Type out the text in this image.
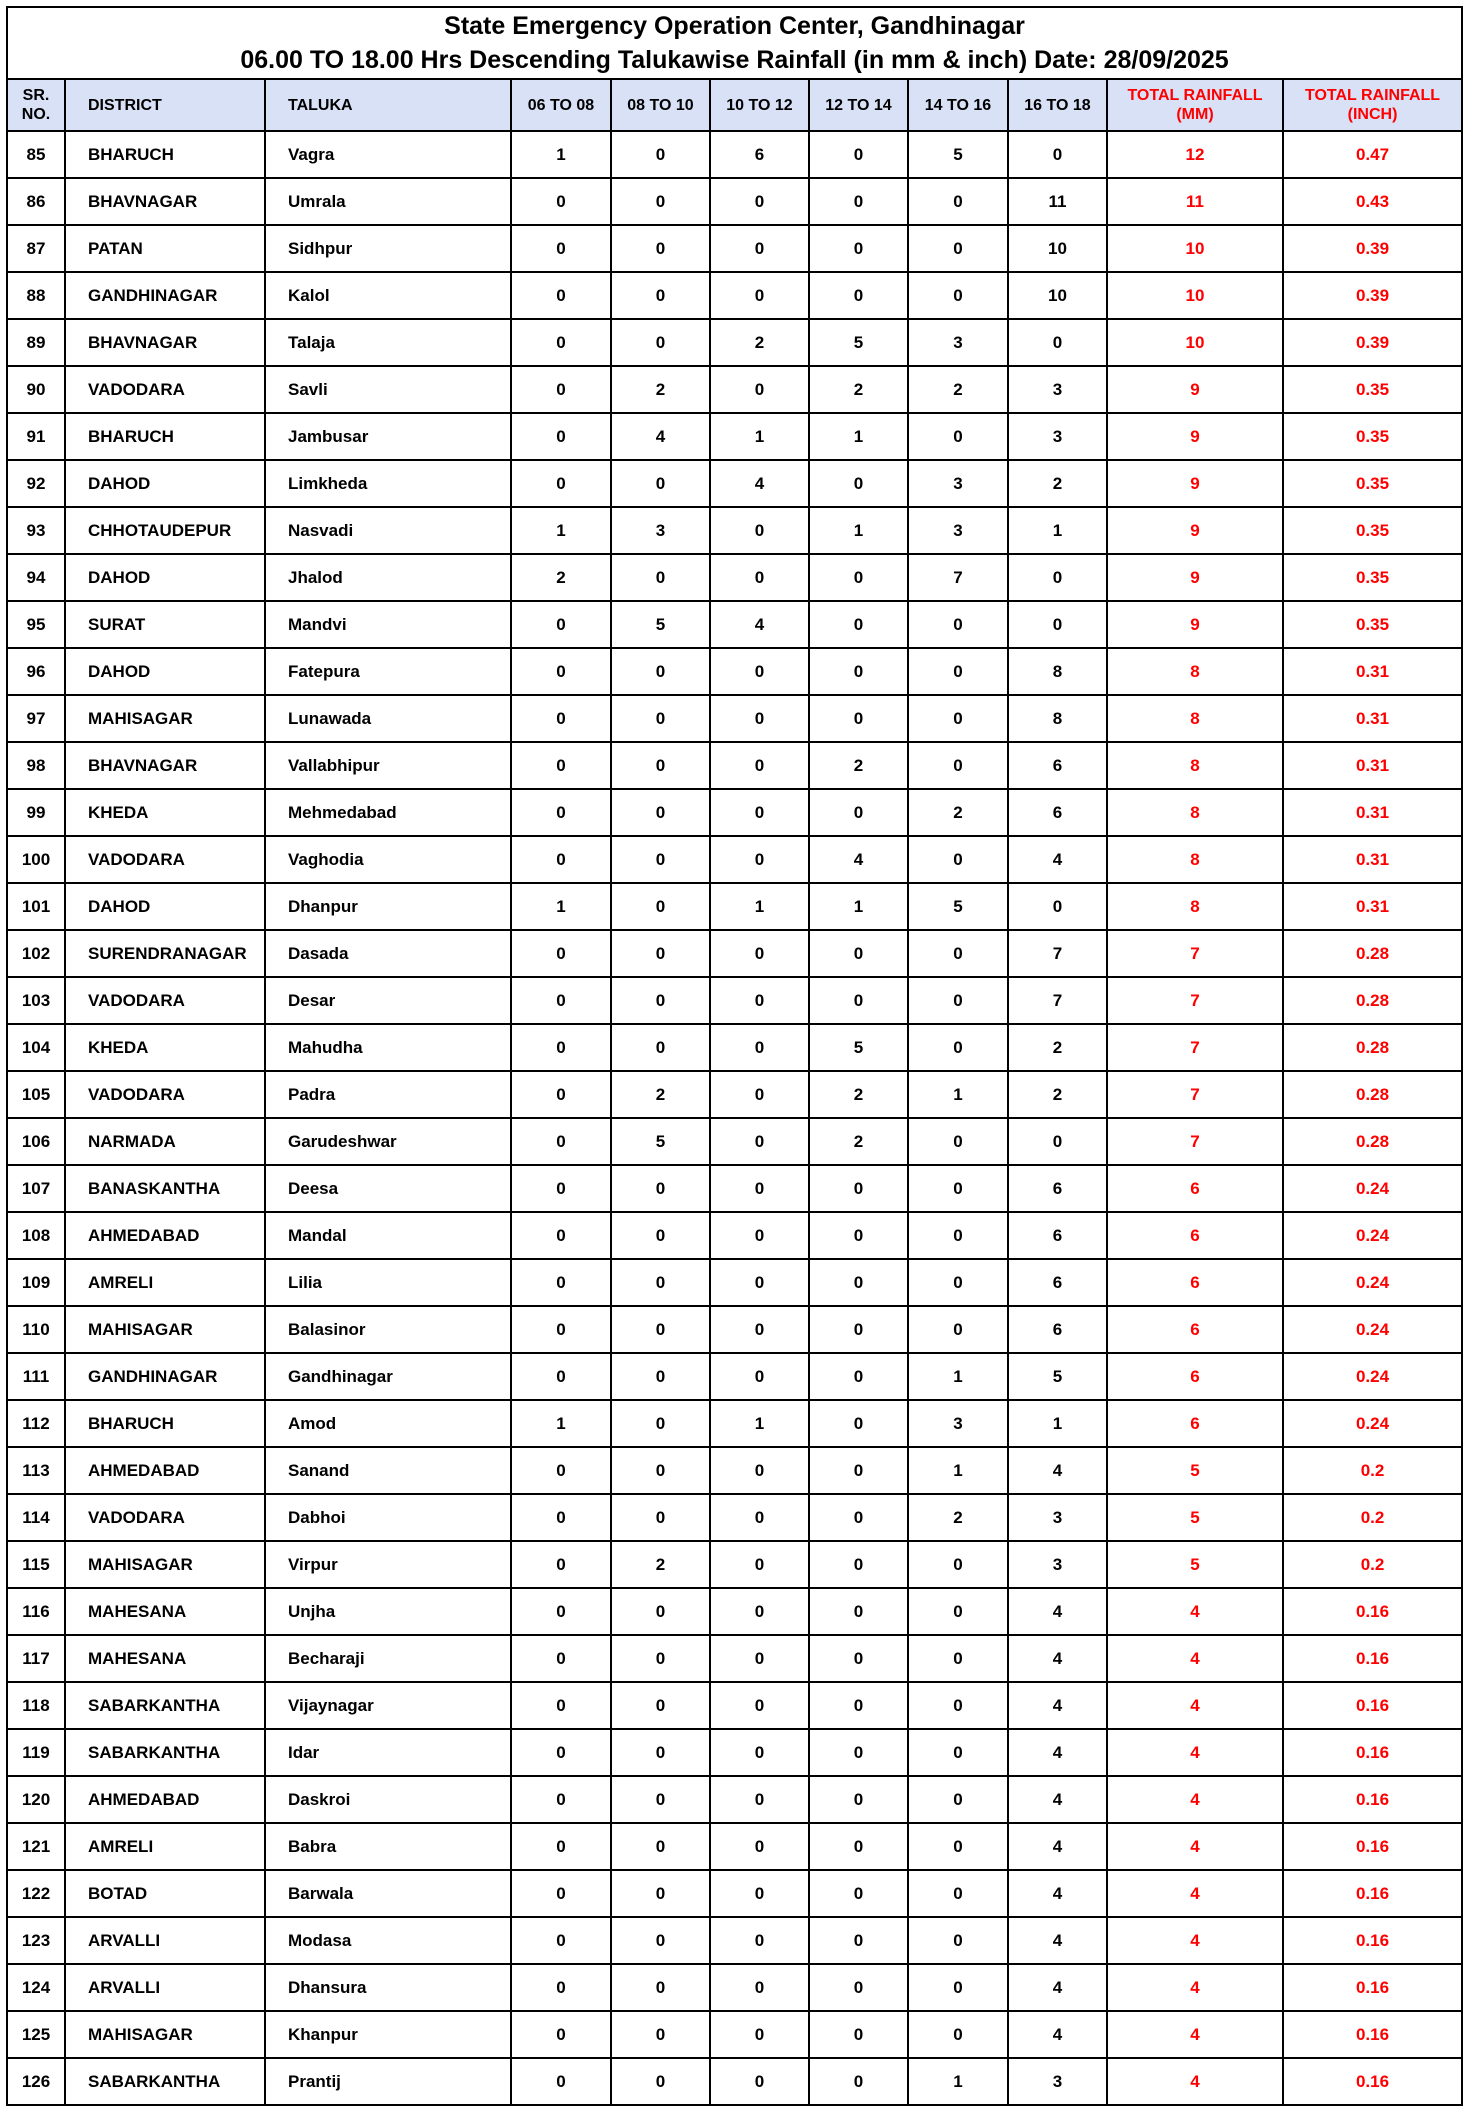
State Emergency Operation Center, Gandhinagar
06.00 TO 18.00 Hrs Descending Talukawise Rainfall (in mm & inch) Date: 28/09/2025										

SR. NO.	DISTRICT	TALUKA	06 TO 08	08 TO 10	10 TO 12	12 TO 14	14 TO 16	16 TO 18	TOTAL RAINFALL (MM)	TOTAL RAINFALL (INCH)
85	BHARUCH	Vagra	1	0	6	0	5	0	12	0.47
86	BHAVNAGAR	Umrala	0	0	0	0	0	11	11	0.43
87	PATAN	Sidhpur	0	0	0	0	0	10	10	0.39
88	GANDHINAGAR	Kalol	0	0	0	0	0	10	10	0.39
89	BHAVNAGAR	Talaja	0	0	2	5	3	0	10	0.39
90	VADODARA	Savli	0	2	0	2	2	3	9	0.35
91	BHARUCH	Jambusar	0	4	1	1	0	3	9	0.35
92	DAHOD	Limkheda	0	0	4	0	3	2	9	0.35
93	CHHOTAUDEPUR	Nasvadi	1	3	0	1	3	1	9	0.35
94	DAHOD	Jhalod	2	0	0	0	7	0	9	0.35
95	SURAT	Mandvi	0	5	4	0	0	0	9	0.35
96	DAHOD	Fatepura	0	0	0	0	0	8	8	0.31
97	MAHISAGAR	Lunawada	0	0	0	0	0	8	8	0.31
98	BHAVNAGAR	Vallabhipur	0	0	0	2	0	6	8	0.31
99	KHEDA	Mehmedabad	0	0	0	0	2	6	8	0.31
100	VADODARA	Vaghodia	0	0	0	4	0	4	8	0.31
101	DAHOD	Dhanpur	1	0	1	1	5	0	8	0.31
102	SURENDRANAGAR	Dasada	0	0	0	0	0	7	7	0.28
103	VADODARA	Desar	0	0	0	0	0	7	7	0.28
104	KHEDA	Mahudha	0	0	0	5	0	2	7	0.28
105	VADODARA	Padra	0	2	0	2	1	2	7	0.28
106	NARMADA	Garudeshwar	0	5	0	2	0	0	7	0.28
107	BANASKANTHA	Deesa	0	0	0	0	0	6	6	0.24
108	AHMEDABAD	Mandal	0	0	0	0	0	6	6	0.24
109	AMRELI	Lilia	0	0	0	0	0	6	6	0.24
110	MAHISAGAR	Balasinor	0	0	0	0	0	6	6	0.24
111	GANDHINAGAR	Gandhinagar	0	0	0	0	1	5	6	0.24
112	BHARUCH	Amod	1	0	1	0	3	1	6	0.24
113	AHMEDABAD	Sanand	0	0	0	0	1	4	5	0.2
114	VADODARA	Dabhoi	0	0	0	0	2	3	5	0.2
115	MAHISAGAR	Virpur	0	2	0	0	0	3	5	0.2
116	MAHESANA	Unjha	0	0	0	0	0	4	4	0.16
117	MAHESANA	Becharaji	0	0	0	0	0	4	4	0.16
118	SABARKANTHA	Vijaynagar	0	0	0	0	0	4	4	0.16
119	SABARKANTHA	Idar	0	0	0	0	0	4	4	0.16
120	AHMEDABAD	Daskroi	0	0	0	0	0	4	4	0.16
121	AMRELI	Babra	0	0	0	0	0	4	4	0.16
122	BOTAD	Barwala	0	0	0	0	0	4	4	0.16
123	ARVALLI	Modasa	0	0	0	0	0	4	4	0.16
124	ARVALLI	Dhansura	0	0	0	0	0	4	4	0.16
125	MAHISAGAR	Khanpur	0	0	0	0	0	4	4	0.16
126	SABARKANTHA	Prantij	0	0	0	0	1	3	4	0.16
